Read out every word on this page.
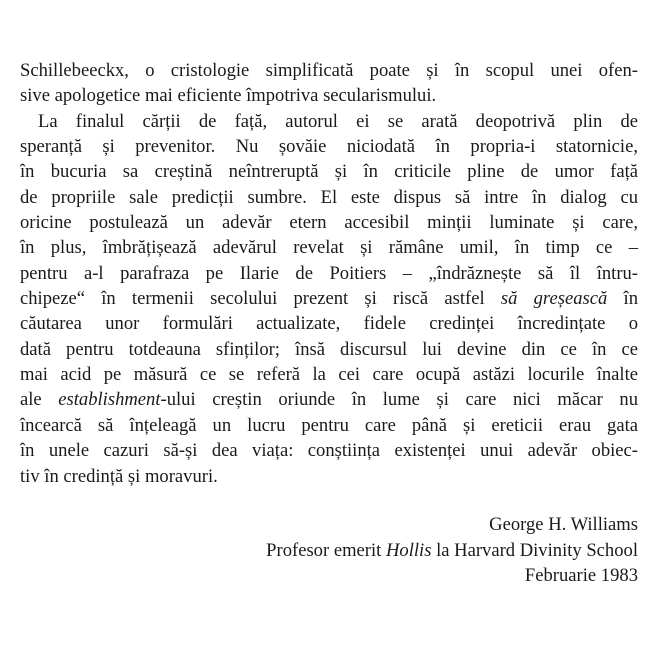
Schillebeeckx, o cristologie simplificată poate și în scopul unei ofen-
sive apologetice mai eficiente împotriva secularismului.
La finalul cărții de față, autorul ei se arată deopotrivă plin de
speranță și prevenitor. Nu șovăie niciodată în propria-i statornicie,
în bucuria sa creștină neîntreruptă și în criticile pline de umor față
de propriile sale predicții sumbre. El este dispus să intre în dialog cu
oricine postulează un adevăr etern accesibil minții luminate și care,
în plus, îmbrățișează adevărul revelat și rămâne umil, în timp ce –
pentru a-l parafraza pe Ilarie de Poitiers – „îndrăznește să îl întru-
chipeze“ în termenii secolului prezent și riscă astfel să greșească în
căutarea unor formulări actualizate, fidele credinței încredințate o
dată pentru totdeauna sfinților; însă discursul lui devine din ce în ce
mai acid pe măsură ce se referă la cei care ocupă astăzi locurile înalte
ale establishment-ului creștin oriunde în lume și care nici măcar nu
încearcă să înțeleagă un lucru pentru care până și ereticii erau gata
în unele cazuri să-și dea viața: conștiința existenței unui adevăr obiec-
tiv în credință și moravuri.
George H. Williams
Profesor emerit Hollis la Harvard Divinity School
Februarie 1983
